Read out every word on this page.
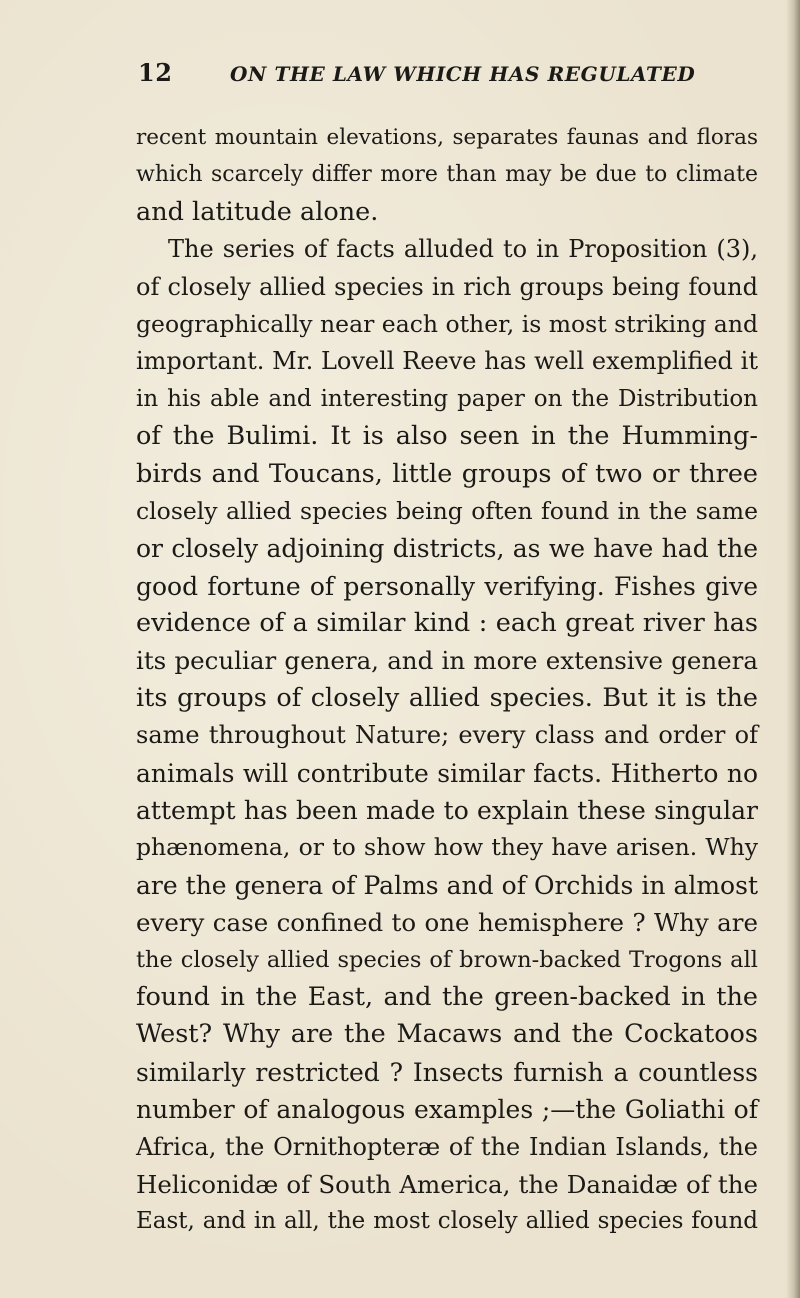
12	ON THE LAW WHICH HAS REGULATED
recent mountain elevations, separates faunas and floras
which scarcely differ more than may be due to climate
and latitude alone.
The series of facts alluded to in Proposition (3),
of closely allied species in rich groups being found
geographically near each other, is most striking and
important. Mr. Lovell Reeve has well exemplified it
in his able and interesting paper on the Distribution
of the Bulimi. It is also seen in the Humming-
birds and Toucans, little groups of two or three
closely allied species being often found in the same
or closely adjoining districts, as we have had the
good fortune of personally verifying. Fishes give
evidence of a similar kind : each great river has
its peculiar genera, and in more extensive genera
its groups of closely allied species. But it is the
same throughout Nature; every class and order of
animals will contribute similar facts. Hitherto no
attempt has been made to explain these singular
phænomena, or to show how they have arisen. Why
are the genera of Palms and of Orchids in almost
every case confined to one hemisphere ? Why are
the closely allied species of brown-backed Trogons all
found in the East, and the green-backed in the
West? Why are the Macaws and the Cockatoos
similarly restricted ? Insects furnish a countless
number of analogous examples ;—the Goliathi of
Africa, the Ornithopteræ of the Indian Islands, the
Heliconidæ of South America, the Danaidæ of the
East, and in all, the most closely allied species found
